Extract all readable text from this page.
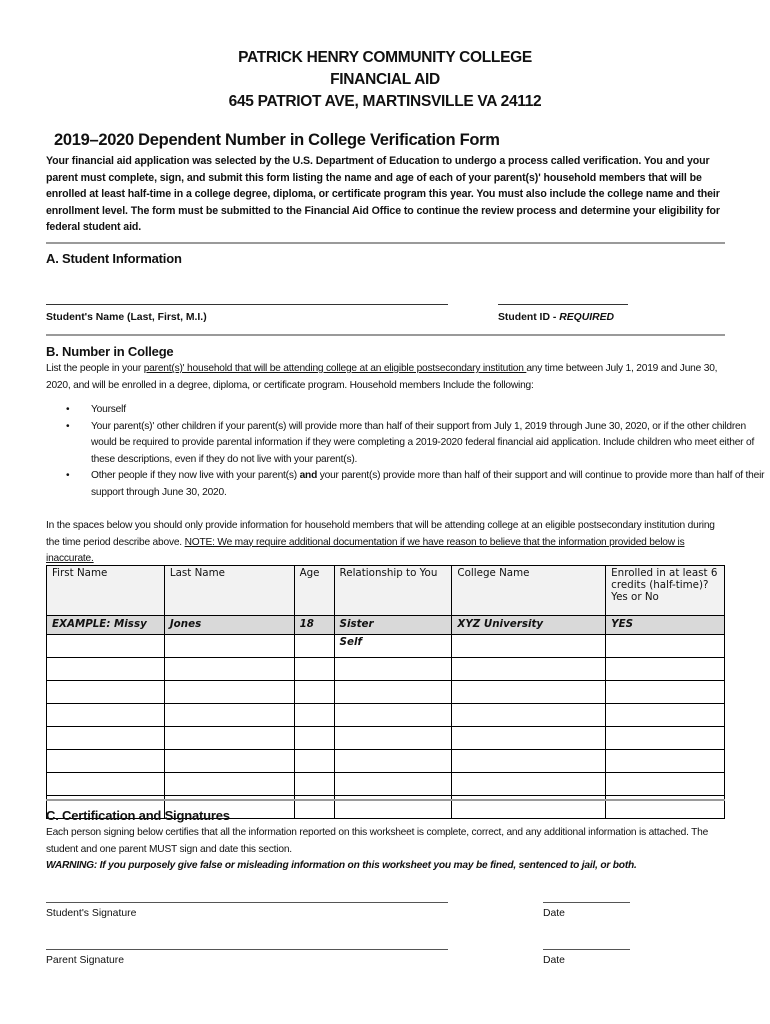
PATRICK HENRY COMMUNITY COLLEGE
FINANCIAL AID
645 PATRIOT AVE, MARTINSVILLE VA 24112
2019–2020 Dependent Number in College Verification Form
Your financial aid application was selected by the U.S. Department of Education to undergo a process called verification. You and your parent must complete, sign, and submit this form listing the name and age of each of your parent(s)' household members that will be enrolled at least half-time in a college degree, diploma, or certificate program this year. You must also include the college name and their enrollment level. The form must be submitted to the Financial Aid Office to continue the review process and determine your eligibility for federal student aid.
A. Student Information
Student's Name (Last, First, M.I.)	Student ID - REQUIRED
B. Number in College
List the people in your parent(s)' household that will be attending college at an eligible postsecondary institution any time between July 1, 2019 and June 30, 2020, and will be enrolled in a degree, diploma, or certificate program. Household members Include the following:
• Yourself
• Your parent(s)' other children if your parent(s) will provide more than half of their support from July 1, 2019 through June 30, 2020, or if the other children would be required to provide parental information if they were completing a 2019-2020 federal financial aid application. Include children who meet either of these descriptions, even if they do not live with your parent(s).
• Other people if they now live with your parent(s) and your parent(s) provide more than half of their support and will continue to provide more than half of their support through June 30, 2020.
In the spaces below you should only provide information for household members that will be attending college at an eligible postsecondary institution during the time period describe above. NOTE: We may require additional documentation if we have reason to believe that the information provided below is inaccurate.
First Name	Last Name	Age	Relationship to You	College Name	Enrolled in at least 6 credits (half-time)? Yes or No
EXAMPLE: Missy	Jones	18	Sister	XYZ University	YES
			Self		

C. Certification and Signatures
Each person signing below certifies that all the information reported on this worksheet is complete, correct, and any additional information is attached. The student and one parent MUST sign and date this section.
WARNING: If you purposely give false or misleading information on this worksheet you may be fined, sentenced to jail, or both.
Student's Signature	Date
Parent Signature	Date
